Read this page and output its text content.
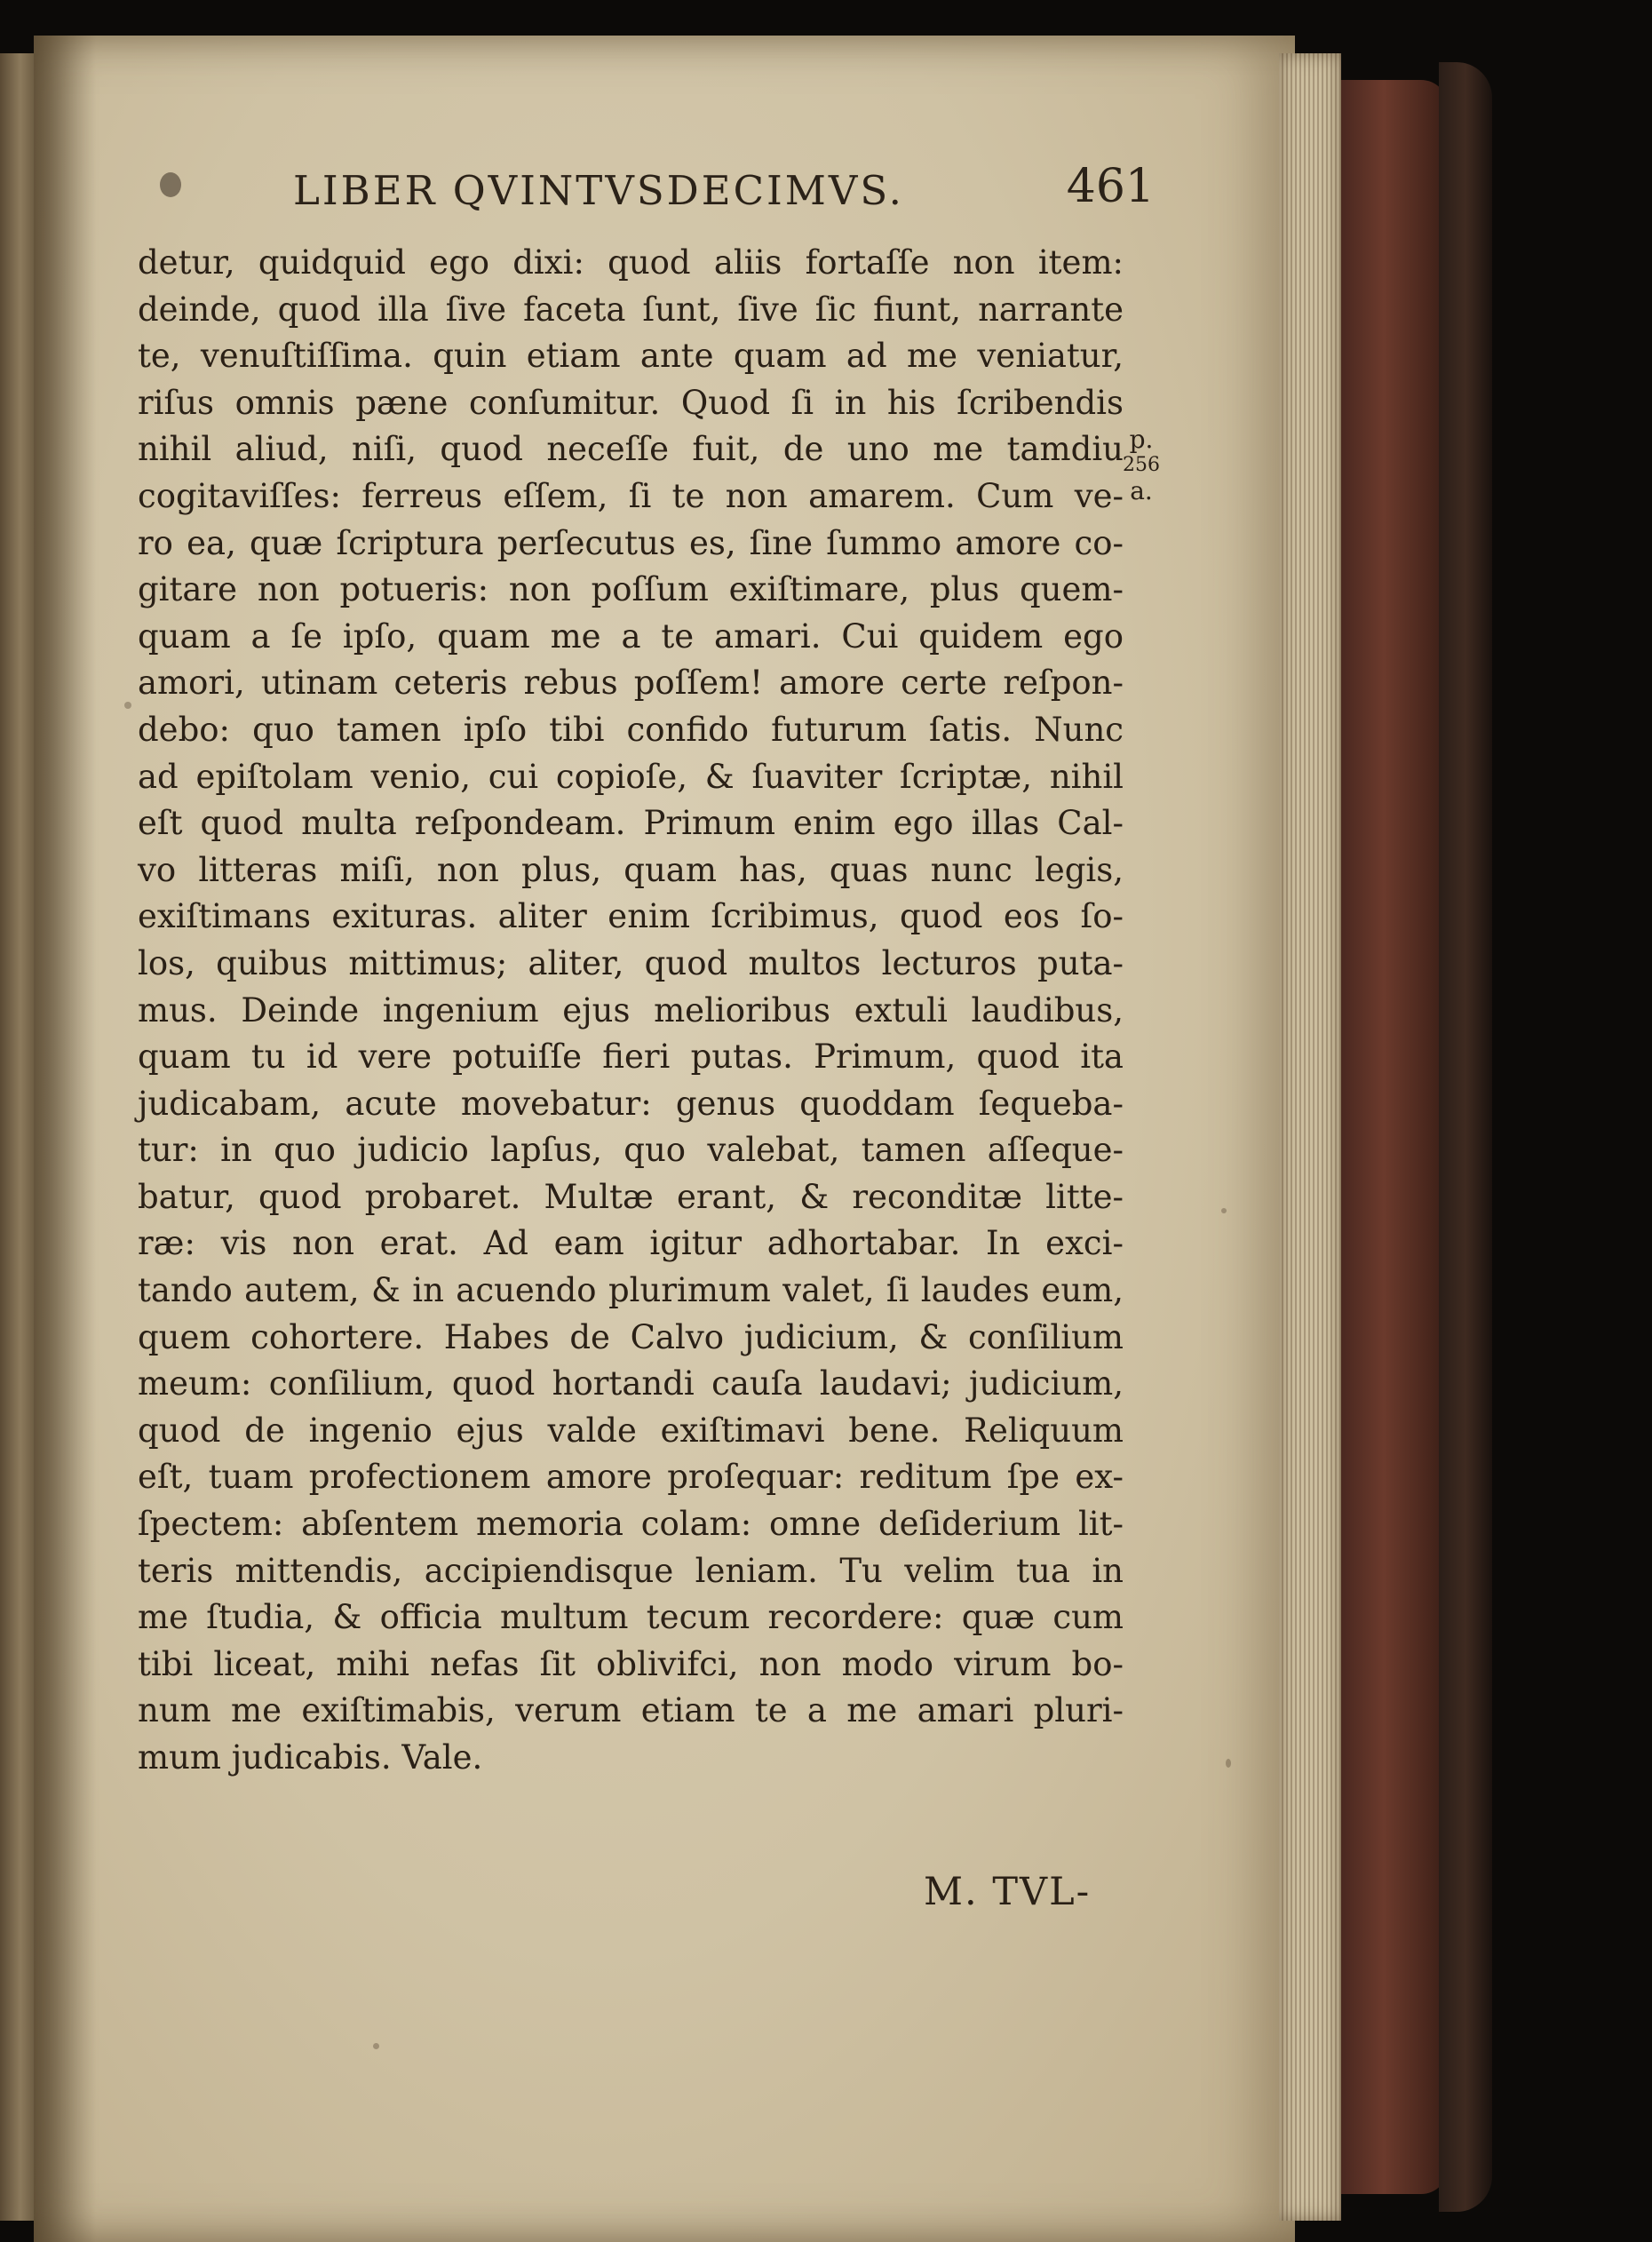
LIBER QVINTVSDECIMVS.	461
detur, quidquid ego dixi: quod aliis fortaſſe non item:
deinde, quod illa ſive faceta ſunt, ſive ſic fiunt, narrante
te, venuſtiſſima. quin etiam ante quam ad me veniatur,
riſus omnis pæne conſumitur. Quod ſi in his ſcribendis
nihil aliud, niſi, quod neceſſe fuit, de uno me tamdiu
cogitaviſſes: ferreus eſſem, ſi te non amarem. Cum ve-
ro ea, quæ ſcriptura perſecutus es, ſine ſummo amore co-
gitare non potueris: non poſſum exiſtimare, plus quem-
quam a ſe ipſo, quam me a te amari. Cui quidem ego
amori, utinam ceteris rebus poſſem! amore certe reſpon-
debo: quo tamen ipſo tibi confido futurum ſatis. Nunc
ad epiſtolam venio, cui copioſe, & ſuaviter ſcriptæ, nihil
eſt quod multa reſpondeam. Primum enim ego illas Cal-
vo litteras miſi, non plus, quam has, quas nunc legis,
exiſtimans exituras. aliter enim ſcribimus, quod eos ſo-
los, quibus mittimus; aliter, quod multos lecturos puta-
mus. Deinde ingenium ejus melioribus extuli laudibus,
quam tu id vere potuiſſe fieri putas. Primum, quod ita
judicabam, acute movebatur: genus quoddam ſequeba-
tur: in quo judicio lapſus, quo valebat, tamen aſſeque-
batur, quod probaret. Multæ erant, & reconditæ litte-
ræ: vis non erat. Ad eam igitur adhortabar. In exci-
tando autem, & in acuendo plurimum valet, ſi laudes eum,
quem cohortere. Habes de Calvo judicium, & conſilium
meum: conſilium, quod hortandi cauſa laudavi; judicium,
quod de ingenio ejus valde exiſtimavi bene. Reliquum
eſt, tuam profectionem amore proſequar: reditum ſpe ex-
ſpectem: abſentem memoria colam: omne deſiderium lit-
teris mittendis, accipiendisque leniam. Tu velim tua in
me ſtudia, & officia multum tecum recordere: quæ cum
tibi liceat, mihi nefas ſit oblivifci, non modo virum bo-
num me exiſtimabis, verum etiam te a me amari pluri-
mum judicabis. Vale.
p.
256
a.
M. TVL-
